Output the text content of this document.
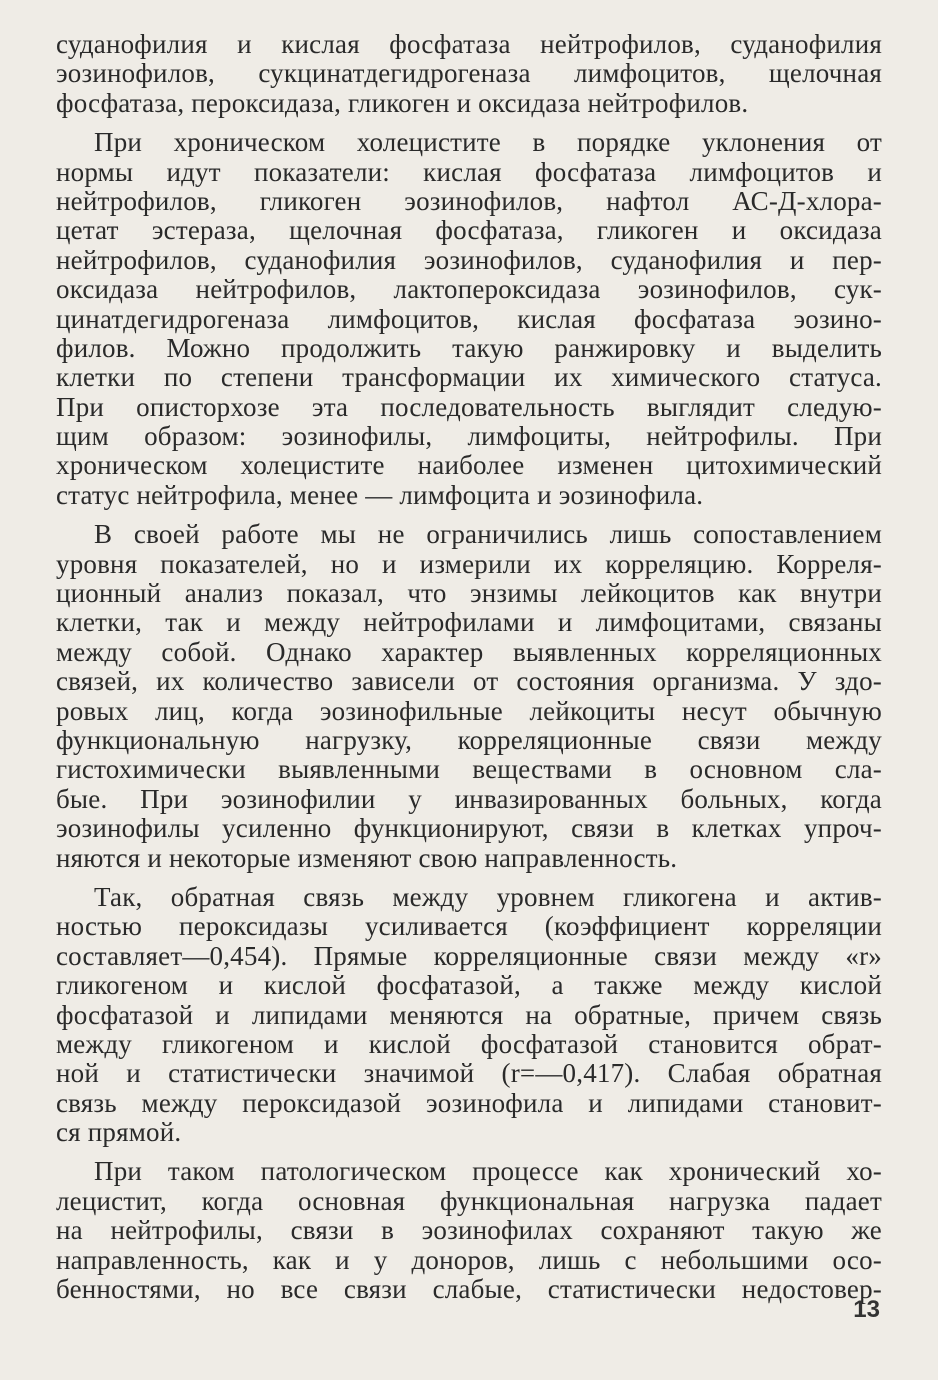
суданофилия и кислая фосфатаза нейтрофилов, суданофилия
эозинофилов, сукцинатдегидрогеназа лимфоцитов, щелочная
фосфатаза, пероксидаза, гликоген и оксидаза нейтрофилов.
При хроническом холецистите в порядке уклонения от
нормы идут показатели: кислая фосфатаза лимфоцитов и
нейтрофилов, гликоген эозинофилов, нафтол АС-Д-хлора-
цетат эстераза, щелочная фосфатаза, гликоген и оксидаза
нейтрофилов, суданофилия эозинофилов, суданофилия и пер-
оксидаза нейтрофилов, лактопероксидаза эозинофилов, сук-
цинатдегидрогеназа лимфоцитов, кислая фосфатаза эозино-
филов. Можно продолжить такую ранжировку и выделить
клетки по степени трансформации их химического статуса.
При описторхозе эта последовательность выглядит следую-
щим образом: эозинофилы, лимфоциты, нейтрофилы. При
хроническом холецистите наиболее изменен цитохимический
статус нейтрофила, менее — лимфоцита и эозинофила.
В своей работе мы не ограничились лишь сопоставлением
уровня показателей, но и измерили их корреляцию. Корреля-
ционный анализ показал, что энзимы лейкоцитов как внутри
клетки, так и между нейтрофилами и лимфоцитами, связаны
между собой. Однако характер выявленных корреляционных
связей, их количество зависели от состояния организма. У здо-
ровых лиц, когда эозинофильные лейкоциты несут обычную
функциональную нагрузку, корреляционные связи между
гистохимически выявленными веществами в основном сла-
бые. При эозинофилии у инвазированных больных, когда
эозинофилы усиленно функционируют, связи в клетках упроч-
няются и некоторые изменяют свою направленность.
Так, обратная связь между уровнем гликогена и актив-
ностью пероксидазы усиливается (коэффициент корреляции
составляет—0,454). Прямые корреляционные связи между «r»
гликогеном и кислой фосфатазой, а также между кислой
фосфатазой и липидами меняются на обратные, причем связь
между гликогеном и кислой фосфатазой становится обрат-
ной и статистически значимой (r=—0,417). Слабая обратная
связь между пероксидазой эозинофила и липидами становит-
ся прямой.
При таком патологическом процессе как хронический хо-
лецистит, когда основная функциональная нагрузка падает
на нейтрофилы, связи в эозинофилах сохраняют такую же
направленность, как и у доноров, лишь с небольшими осо-
бенностями, но все связи слабые, статистически недостовер-
13
